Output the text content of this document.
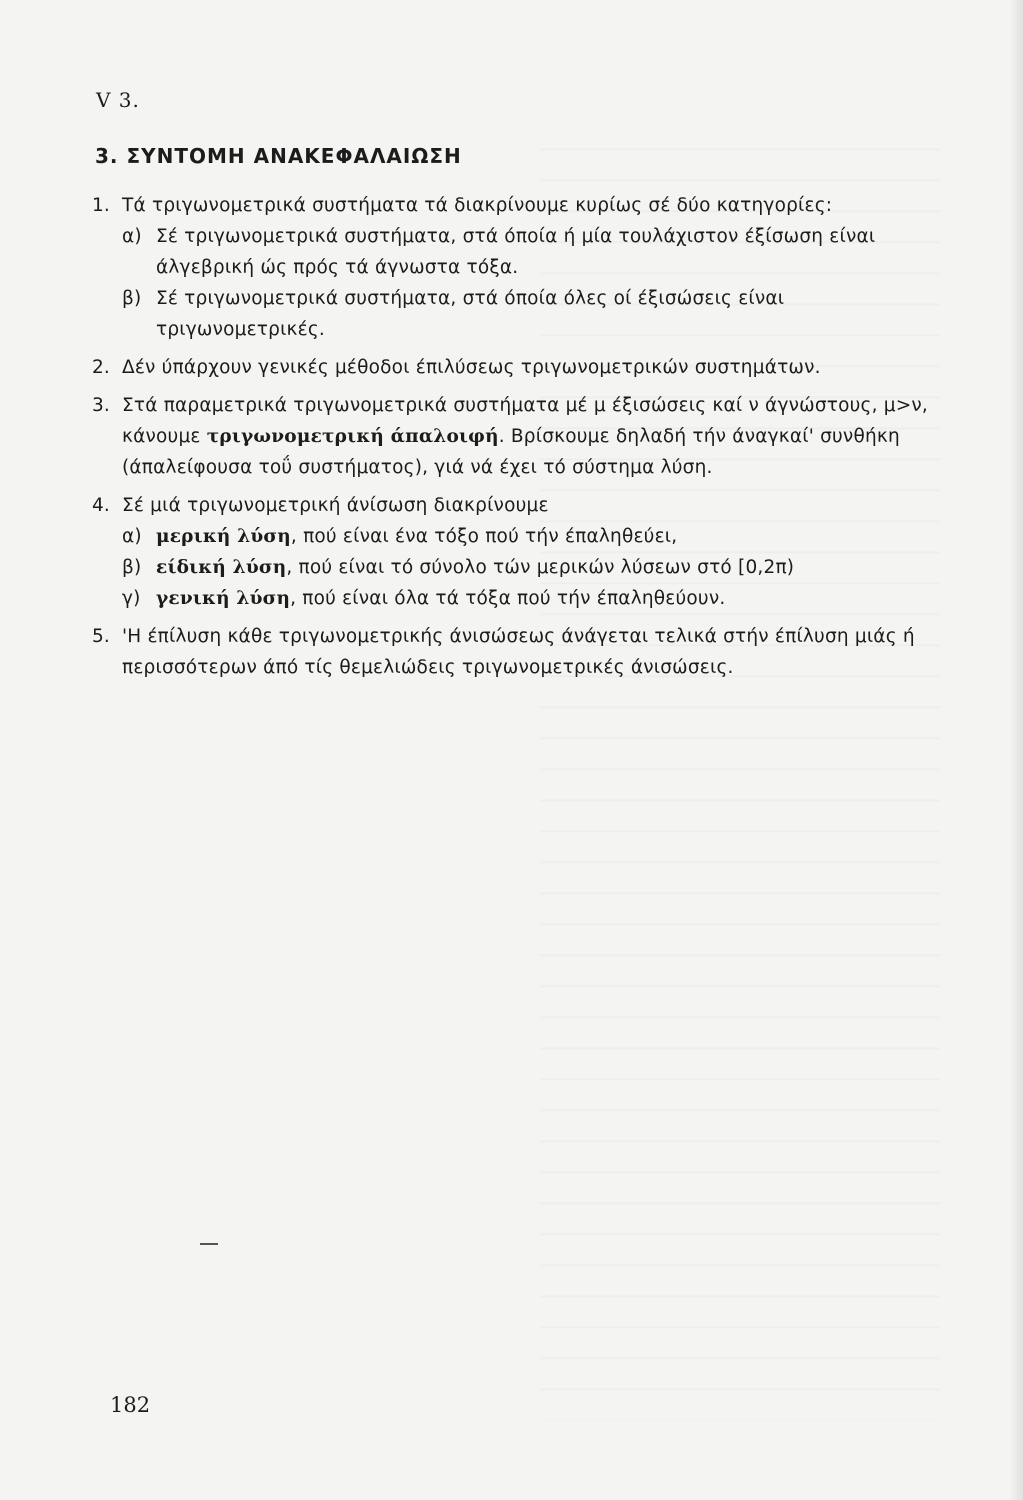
V 3.
3. ΣΥΝΤΟΜΗ ΑΝΑΚΕΦΑΛΑΙΩΣΗ
1. Τά τριγωνομετρικά συστήματα τά διακρίνουμε κυρίως σέ δύο κατηγορίες:
α) Σέ τριγωνομετρικά συστήματα, στά όποία ή μία τουλάχιστον έξίσωση είναι άλγεβρική ώς πρός τά άγνωστα τόξα.
β) Σέ τριγωνομετρικά συστήματα, στά όποία όλες οί έξισώσεις είναι τριγωνομετρικές.
2. Δέν ύπάρχουν γενικές μέθοδοι έπιλύσεως τριγωνομετρικών συστημάτων.
3. Στά παραμετρικά τριγωνομετρικά συστήματα μέ μ έξισώσεις καί ν άγνώστους, μ>ν, κάνουμε τριγωνομετρική άπαλοιφή. Βρίσκουμε δηλαδή τήν άναγκαί' συνθήκη (άπαλείφουσα τοΰ συστήματος), γιά νά έχει τό σύστημα λύση.
4. Σέ μιά τριγωνομετρική άνίσωση διακρίνουμε
α) μερική λύση, πού είναι ένα τόξο πού τήν έπαληθεύει,
β) είδική λύση, πού είναι τό σύνολο τών μερικών λύσεων στό [0,2π)
γ) γενική λύση, πού είναι όλα τά τόξα πού τήν έπαληθεύουν.
5. 'Η έπίλυση κάθε τριγωνομετρικής άνισώσεως άνάγεται τελικά στήν έπίλυση μιάς ή περισσότερων άπό τίς θεμελιώδεις τριγωνομετρικές άνισώσεις.
182
